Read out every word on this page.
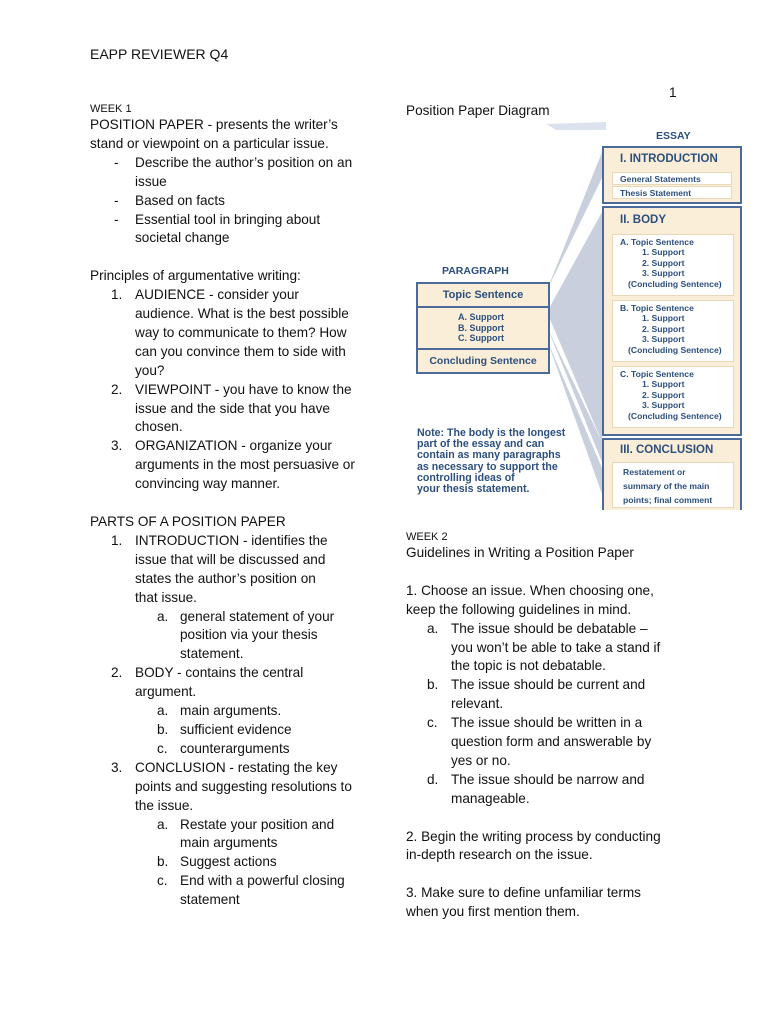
1
EAPP REVIEWER Q4
WEEK 1
POSITION PAPER - presents the writer’s
stand or viewpoint on a particular issue.
- Describe the author’s position on an
issue
- Based on facts
- Essential tool in bringing about
societal change
Principles of argumentative writing:
1. AUDIENCE - consider your
audience. What is the best possible
way to communicate to them? How
can you convince them to side with
you?
2. VIEWPOINT - you have to know the
issue and the side that you have
chosen.
3. ORGANIZATION - organize your
arguments in the most persuasive or
convincing way manner.
PARTS OF A POSITION PAPER
1. INTRODUCTION - identifies the
issue that will be discussed and
states the author’s position on
that issue.
a. general statement of your
position via your thesis
statement.
2. BODY - contains the central
argument.
a. main arguments.
b. sufficient evidence
c. counterarguments
3. CONCLUSION - restating the key
points and suggesting resolutions to
the issue.
a. Restate your position and
main arguments
b. Suggest actions
c. End with a powerful closing
statement
Position Paper Diagram
ESSAY
PARAGRAPH
Topic Sentence
A. Support
B. Support
C. Support
Concluding Sentence
Note: The body is the longest
part of the essay and can
contain as many paragraphs
as necessary to support the
controlling ideas of
your thesis statement.
I. INTRODUCTION
General Statements
Thesis Statement
II. BODY
A. Topic Sentence
1. Support
2. Support
3. Support
(Concluding Sentence)
B. Topic Sentence
1. Support
2. Support
3. Support
(Concluding Sentence)
C. Topic Sentence
1. Support
2. Support
3. Support
(Concluding Sentence)
III. CONCLUSION
Restatement or
summary of the main
points; final comment
WEEK 2
Guidelines in Writing a Position Paper
1. Choose an issue. When choosing one,
keep the following guidelines in mind.
a. The issue should be debatable –
you won’t be able to take a stand if
the topic is not debatable.
b. The issue should be current and
relevant.
c. The issue should be written in a
question form and answerable by
yes or no.
d. The issue should be narrow and
manageable.
2. Begin the writing process by conducting
in-depth research on the issue.
3. Make sure to define unfamiliar terms
when you first mention them.
